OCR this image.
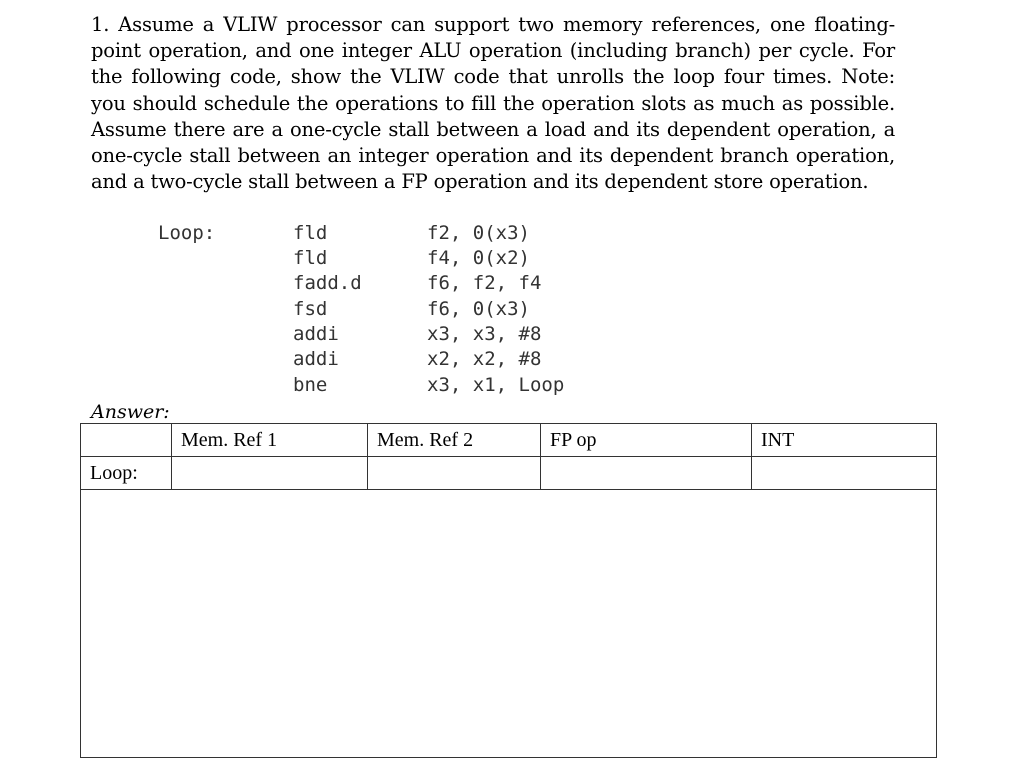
1. Assume a VLIW processor can support two memory references, one floating-point operation, and one integer ALU operation (including branch) per cycle. For the following code, show the VLIW code that unrolls the loop four times. Note: you should schedule the operations to fill the operation slots as much as possible. Assume there are a one-cycle stall between a load and its dependent operation, a one-cycle stall between an integer operation and its dependent branch operation, and a two-cycle stall between a FP operation and its dependent store operation.

Loop:	fld	f2, 0(x3)
fld	f4, 0(x2)
fadd.d	f6, f2, f4
fsd	f6, 0(x3)
addi	x3, x3, #8
addi	x2, x2, #8
bne	x3, x1, Loop
Answer:
	Mem. Ref 1	Mem. Ref 2	FP op	INT
Loop:				
